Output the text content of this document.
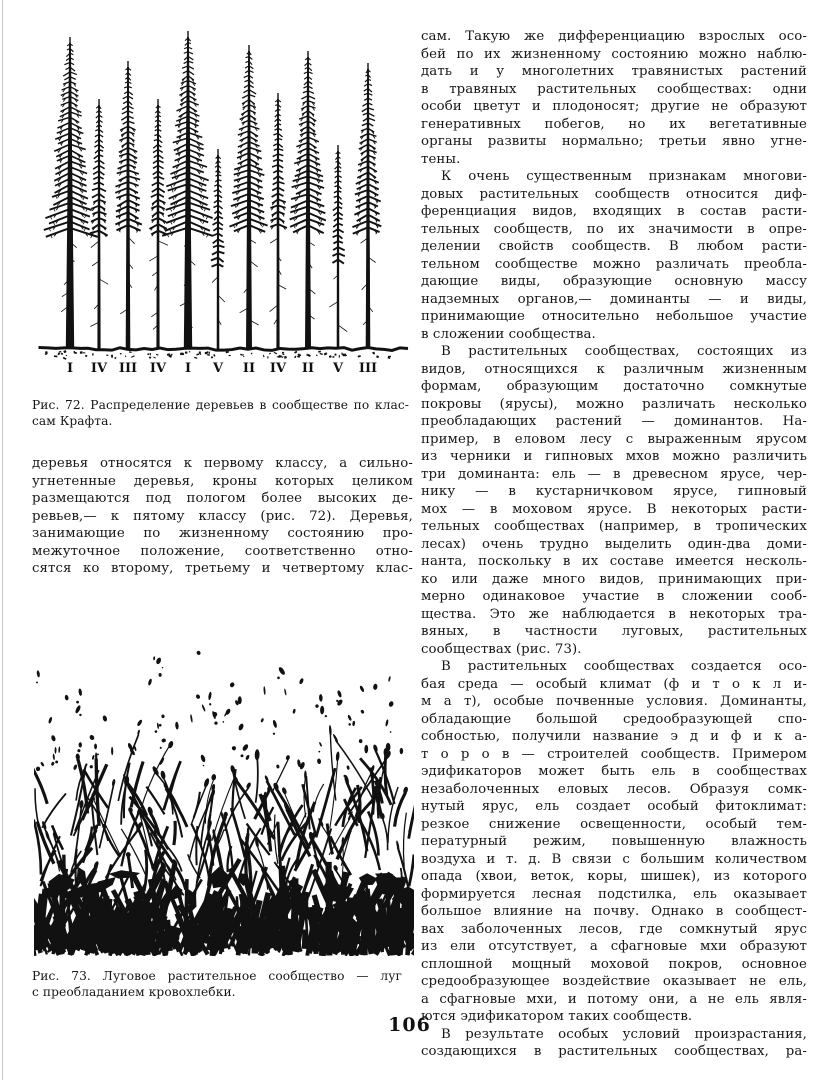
I IV III IV I V II IV II V III
Рис. 72. Распределение деревьев в сообществе по клас-
сам Крафта.
деревья относятся к первому классу, а сильно-
угнетенные деревья, кроны которых целиком
размещаются под пологом более высоких де-
ревьев,— к пятому классу (рис. 72). Деревья,
занимающие по жизненному состоянию про-
межуточное положение, соответственно отно-
сятся ко второму, третьему и четвертому клас-
Рис. 73. Луговое растительное сообщество — луг
с преобладанием кровохлебки.
сам. Такую же дифференциацию взрослых осо-
бей по их жизненному состоянию можно наблю-
дать и у многолетних травянистых растений
в травяных растительных сообществах: одни
особи цветут и плодоносят; другие не образуют
генеративных побегов, но их вегетативные
органы развиты нормально; третьи явно угне-
тены.
К очень существенным признакам многови-
довых растительных сообществ относится диф-
ференциация видов, входящих в состав расти-
тельных сообществ, по их значимости в опре-
делении свойств сообществ. В любом расти-
тельном сообществе можно различать преобла-
дающие виды, образующие основную массу
надземных органов,— доминанты — и виды,
принимающие относительно небольшое участие
в сложении сообщества.
В растительных сообществах, состоящих из
видов, относящихся к различным жизненным
формам, образующим достаточно сомкнутые
покровы (ярусы), можно различать несколько
преобладающих растений — доминантов. На-
пример, в еловом лесу с выраженным ярусом
из черники и гипновых мхов можно различить
три доминанта: ель — в древесном ярусе, чер-
нику — в кустарничковом ярусе, гипновый
мох — в моховом ярусе. В некоторых расти-
тельных сообществах (например, в тропических
лесах) очень трудно выделить один-два доми-
нанта, поскольку в их составе имеется несколь-
ко или даже много видов, принимающих при-
мерно одинаковое участие в сложении сооб-
щества. Это же наблюдается в некоторых тра-
вяных, в частности луговых, растительных
сообществах (рис. 73).
В растительных сообществах создается осо-
бая среда — особый климат (ф и т о к л и-
м а т), особые почвенные условия. Доминанты,
обладающие большой средообразующей спо-
собностью, получили название э д и ф и к а-
т о р о в — строителей сообществ. Примером
эдификаторов может быть ель в сообществах
незаболоченных еловых лесов. Образуя сомк-
нутый ярус, ель создает особый фитоклимат:
резкое снижение освещенности, особый тем-
пературный режим, повышенную влажность
воздуха и т. д. В связи с большим количеством
опада (хвои, веток, коры, шишек), из которого
формируется лесная подстилка, ель оказывает
большое влияние на почву. Однако в сообщест-
вах заболоченных лесов, где сомкнутый ярус
из ели отсутствует, а сфагновые мхи образуют
сплошной мощный моховой покров, основное
средообразующее воздействие оказывает не ель,
а сфагновые мхи, и потому они, а не ель явля-
ются эдификатором таких сообществ.
В результате особых условий произрастания,
создающихся в растительных сообществах, ра-
106
